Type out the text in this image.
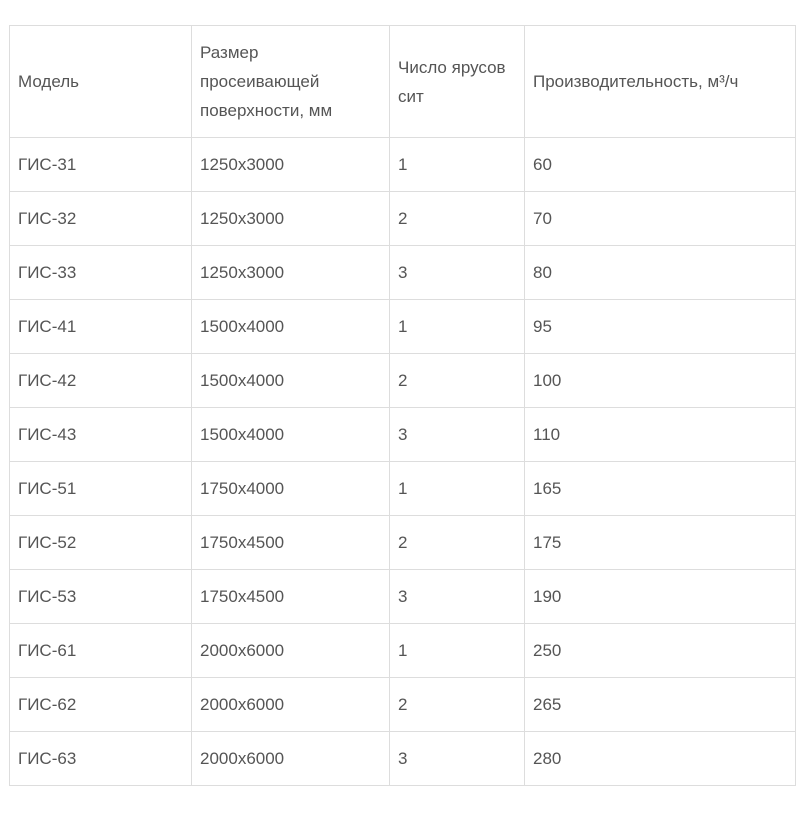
Модель	Размер просеивающей поверхности, мм	Число ярусов сит	Производительность, м³/ч
ГИС-31	1250х3000	1	60
ГИС-32	1250х3000	2	70
ГИС-33	1250х3000	3	80
ГИС-41	1500х4000	1	95
ГИС-42	1500х4000	2	100
ГИС-43	1500х4000	3	110
ГИС-51	1750х4000	1	165
ГИС-52	1750х4500	2	175
ГИС-53	1750х4500	3	190
ГИС-61	2000х6000	1	250
ГИС-62	2000х6000	2	265
ГИС-63	2000х6000	3	280
